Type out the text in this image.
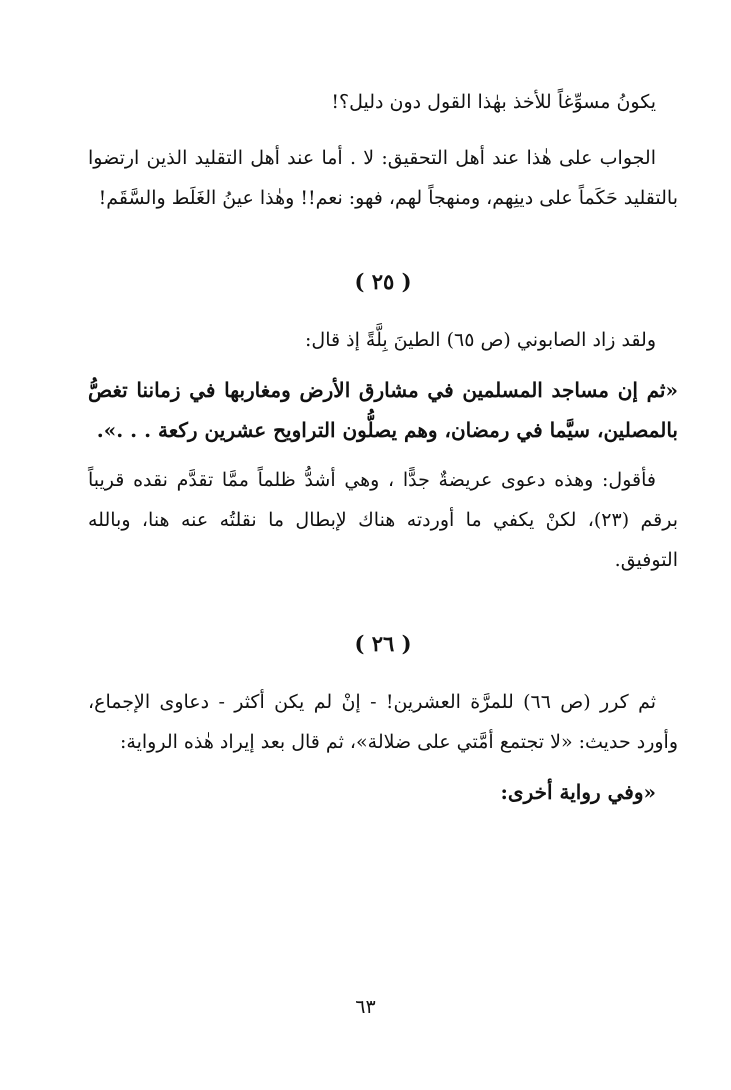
يكونُ مسوِّغاً للأخذ بهٰذا القول دون دليل؟!

الجواب على هٰذا عند أهل التحقيق: لا . أما عند أهل التقليد الذين ارتضوا بالتقليد حَكَماً على دينِهم، ومنهجاً لهم، فهو: نعم!! وهٰذا عينُ الغَلَط والسَّقَم!

( ٢٥ )

ولقد زاد الصابوني (ص ٦٥) الطينَ بِلَّةً إذ قال:

«ثم إن مساجد المسلمين في مشارق الأرض ومغاربها في زماننا تغصُّ بالمصلين، سيَّما في رمضان، وهم يصلُّون التراويح عشرين ركعة . . .».

فأقول: وهذه دعوى عريضةٌ جدًّا ، وهي أشدُّ ظلماً ممَّا تقدَّم نقده قريباً برقم (٢٣)، لكنْ يكفي ما أوردته هناك لإبطال ما نقلتُه عنه هنا، وبالله التوفيق.

( ٢٦ )

ثم كرر (ص ٦٦) للمرَّة العشرين! - إنْ لم يكن أكثر - دعاوى الإجماع، وأورد حديث: «لا تجتمع أمَّتي على ضلالة»، ثم قال بعد إيراد هٰذه الرواية:

«وفي رواية أخرى:

٦٣
